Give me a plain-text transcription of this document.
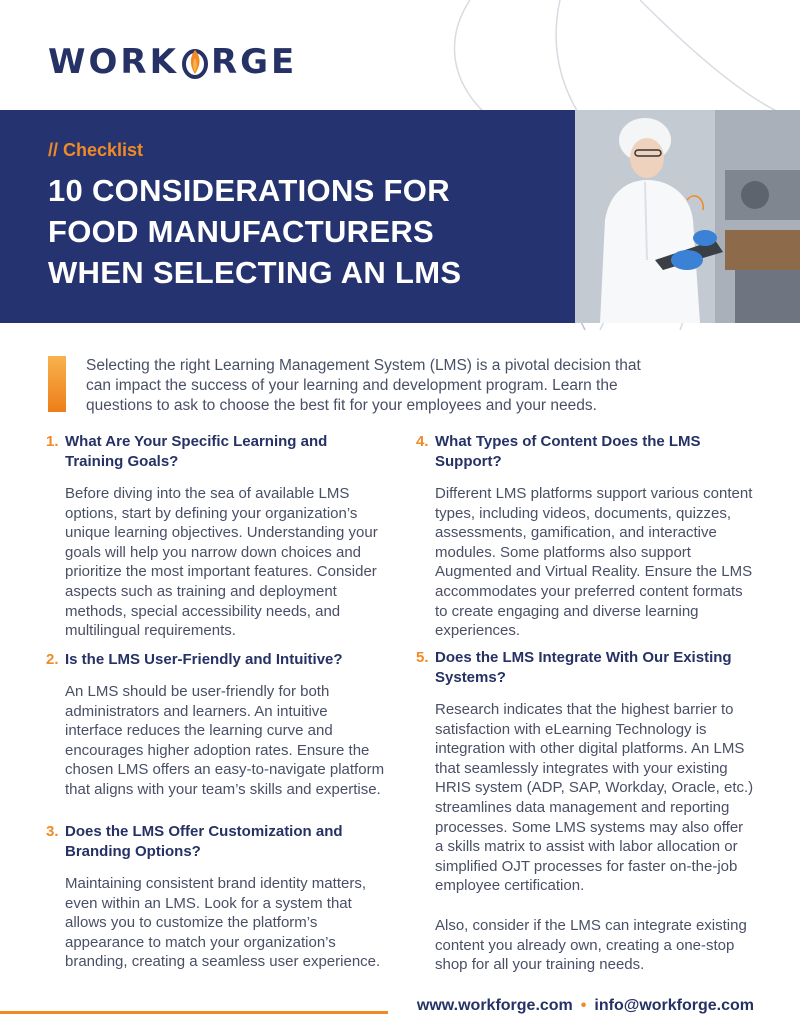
WORK RGE
// Checklist
10 CONSIDERATIONS FOR
FOOD MANUFACTURERS
WHEN SELECTING AN LMS

Selecting the right Learning Management System (LMS) is a pivotal decision that can impact the success of your learning and development program. Learn the questions to ask to choose the best fit for your employees and your needs.

1. What Are Your Specific Learning and Training Goals?

Before diving into the sea of available LMS options, start by defining your organization’s unique learning objectives. Understanding your goals will help you narrow down choices and prioritize the most important features. Consider aspects such as training and deployment methods, special accessibility needs, and multilingual requirements.

2. Is the LMS User-Friendly and Intuitive?

An LMS should be user-friendly for both administrators and learners. An intuitive interface reduces the learning curve and encourages higher adoption rates. Ensure the chosen LMS offers an easy-to-navigate platform that aligns with your team’s skills and expertise.

3. Does the LMS Offer Customization and Branding Options?

Maintaining consistent brand identity matters, even within an LMS. Look for a system that allows you to customize the platform’s appearance to match your organization’s branding, creating a seamless user experience.

4. What Types of Content Does the LMS Support?

Different LMS platforms support various content types, including videos, documents, quizzes, assessments, gamification, and interactive modules. Some platforms also support Augmented and Virtual Reality. Ensure the LMS accommodates your preferred content formats to create engaging and diverse learning experiences.

5. Does the LMS Integrate With Our Existing Systems?

Research indicates that the highest barrier to satisfaction with eLearning Technology is integration with other digital platforms. An LMS that seamlessly integrates with your existing HRIS system (ADP, SAP, Workday, Oracle, etc.) streamlines data management and reporting processes. Some LMS systems may also offer a skills matrix to assist with labor allocation or simplified OJT processes for faster on-the-job employee certification.

Also, consider if the LMS can integrate existing content you already own, creating a one-stop shop for all your training needs.

www.workforge.com • info@workforge.com
